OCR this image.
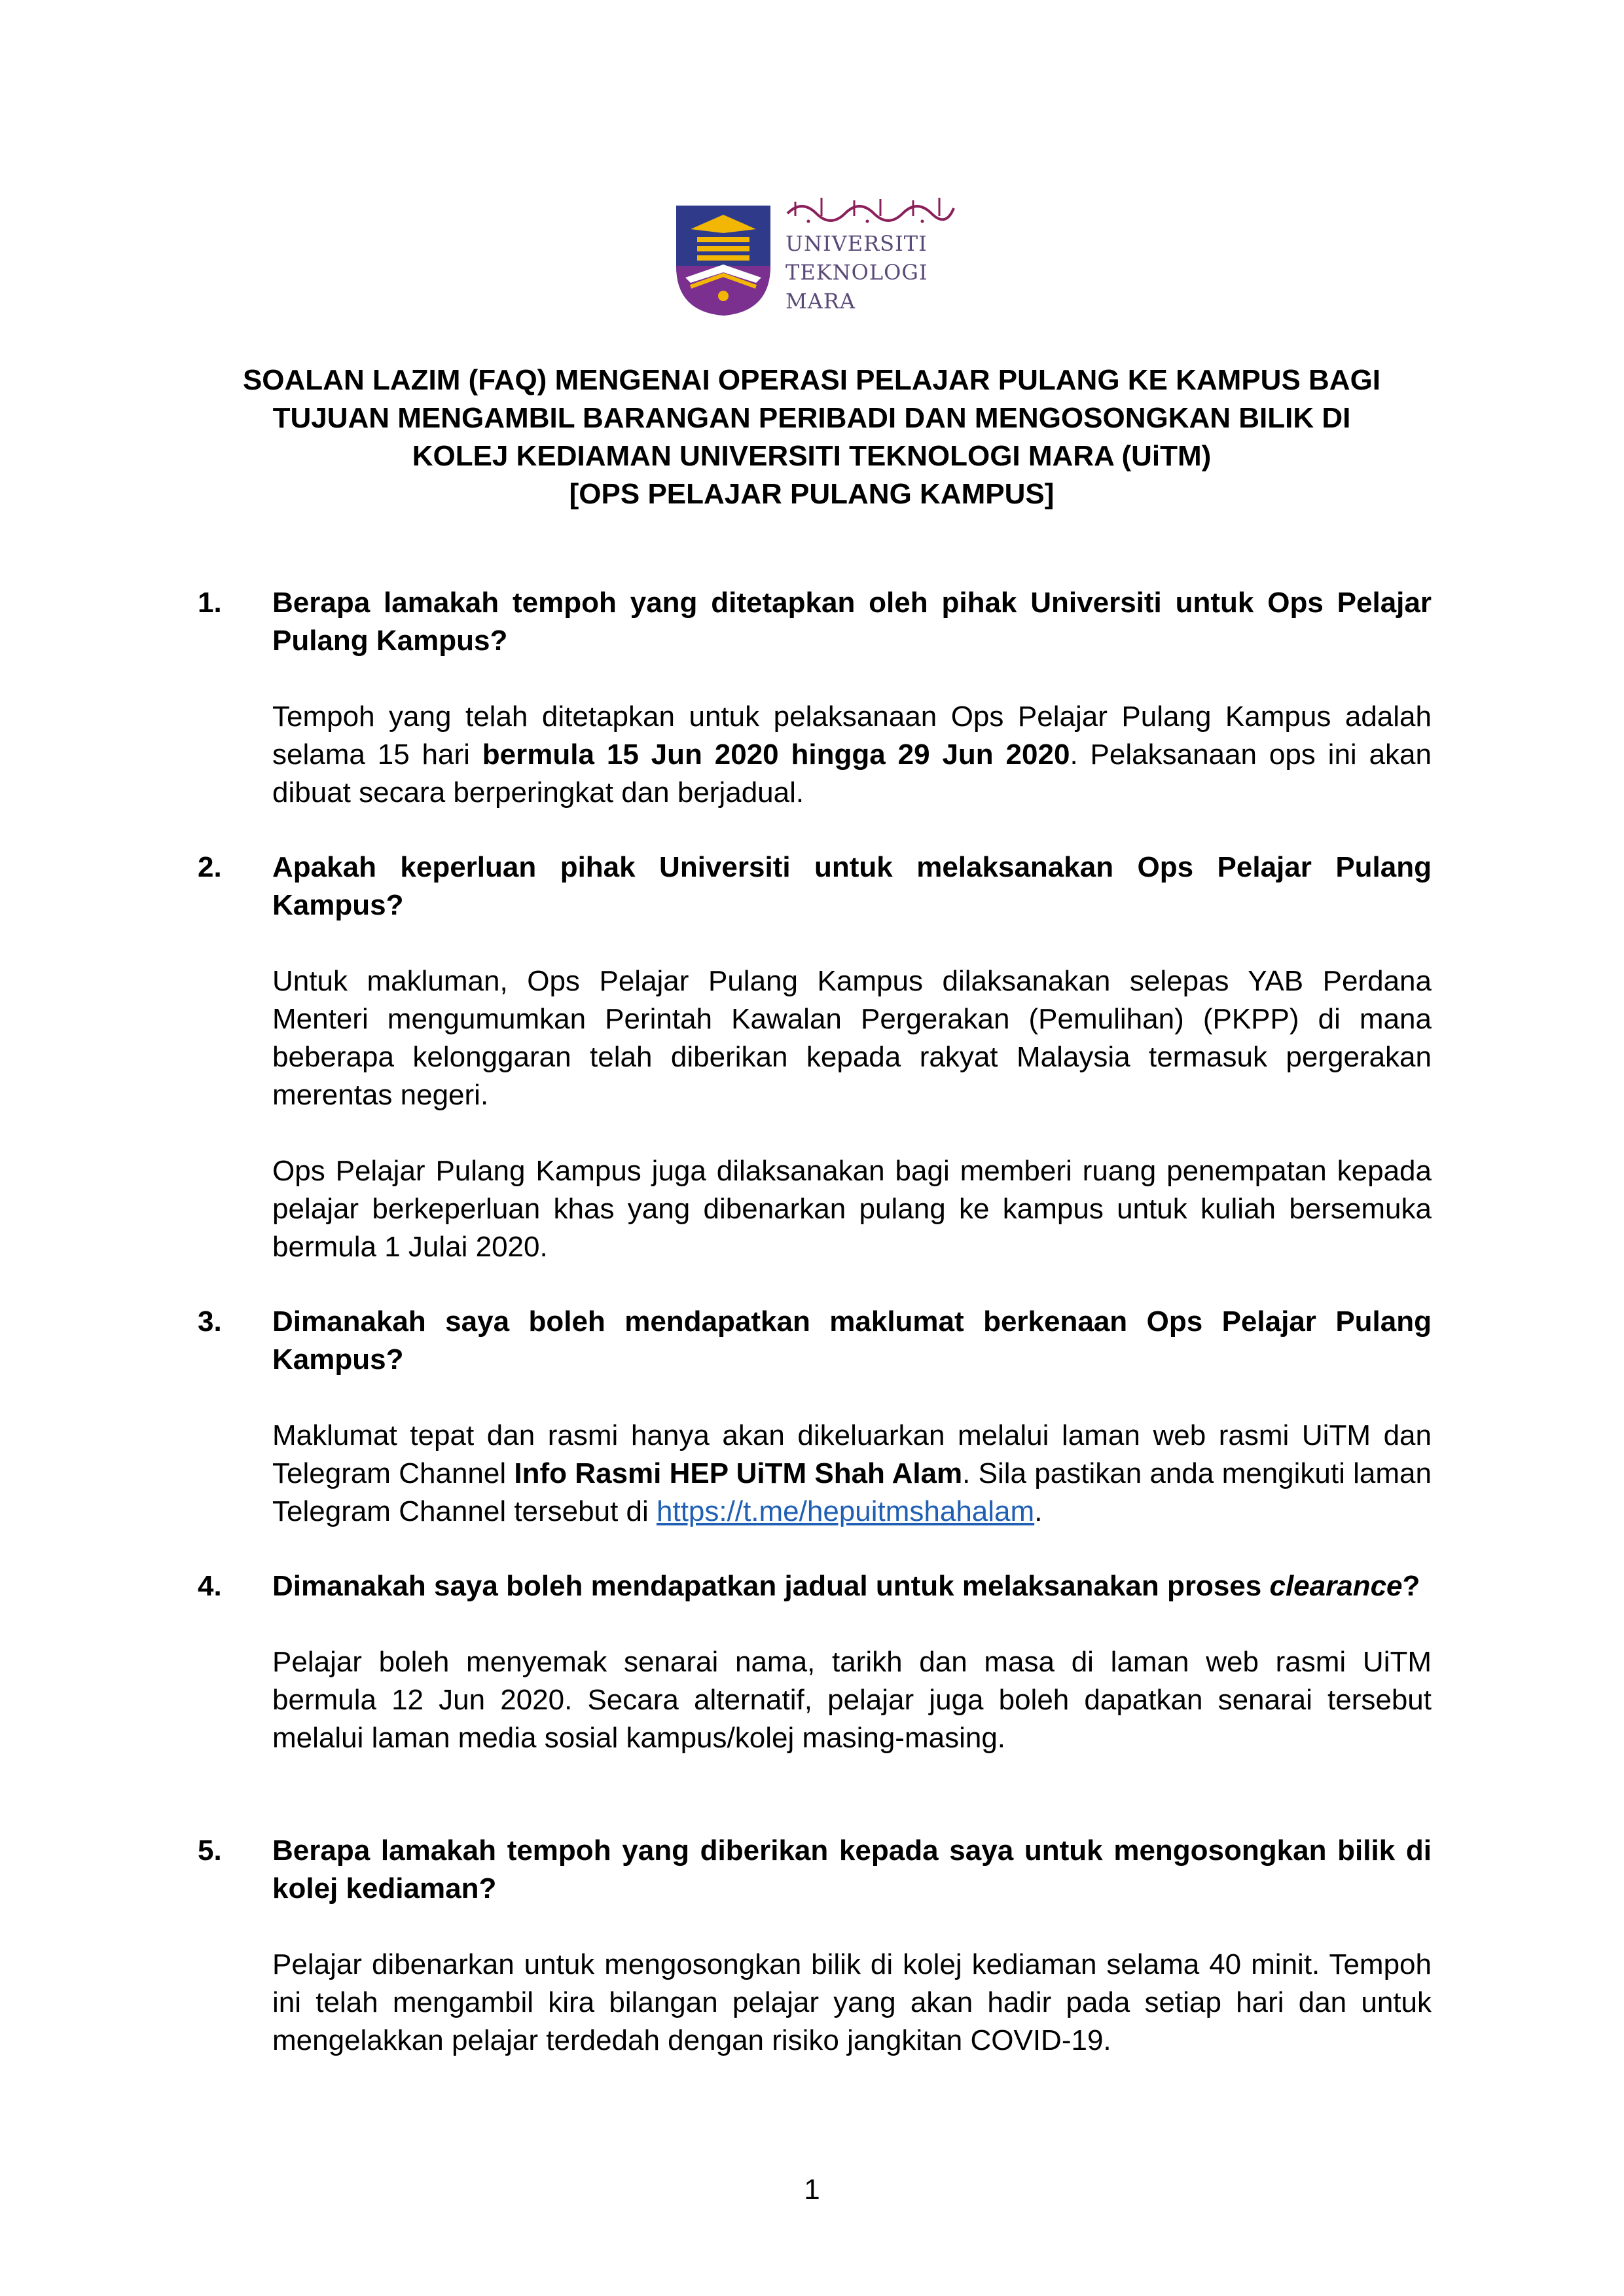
UNIVERSITI
TEKNOLOGI
MARA
SOALAN LAZIM (FAQ) MENGENAI OPERASI PELAJAR PULANG KE KAMPUS BAGI
TUJUAN MENGAMBIL BARANGAN PERIBADI DAN MENGOSONGKAN BILIK DI
KOLEJ KEDIAMAN UNIVERSITI TEKNOLOGI MARA (UiTM)
[OPS PELAJAR PULANG KAMPUS]
1. Berapa lamakah tempoh yang ditetapkan oleh pihak Universiti untuk Ops Pelajar Pulang Kampus?
Tempoh yang telah ditetapkan untuk pelaksanaan Ops Pelajar Pulang Kampus adalah selama 15 hari bermula 15 Jun 2020 hingga 29 Jun 2020. Pelaksanaan ops ini akan dibuat secara berperingkat dan berjadual.
2. Apakah keperluan pihak Universiti untuk melaksanakan Ops Pelajar Pulang Kampus?
Untuk makluman, Ops Pelajar Pulang Kampus dilaksanakan selepas YAB Perdana Menteri mengumumkan Perintah Kawalan Pergerakan (Pemulihan) (PKPP) di mana beberapa kelonggaran telah diberikan kepada rakyat Malaysia termasuk pergerakan merentas negeri.
Ops Pelajar Pulang Kampus juga dilaksanakan bagi memberi ruang penempatan kepada pelajar berkeperluan khas yang dibenarkan pulang ke kampus untuk kuliah bersemuka bermula 1 Julai 2020.
3. Dimanakah saya boleh mendapatkan maklumat berkenaan Ops Pelajar Pulang Kampus?
Maklumat tepat dan rasmi hanya akan dikeluarkan melalui laman web rasmi UiTM dan Telegram Channel Info Rasmi HEP UiTM Shah Alam. Sila pastikan anda mengikuti laman Telegram Channel tersebut di https://t.me/hepuitmshahalam.
4. Dimanakah saya boleh mendapatkan jadual untuk melaksanakan proses clearance?
Pelajar boleh menyemak senarai nama, tarikh dan masa di laman web rasmi UiTM bermula 12 Jun 2020. Secara alternatif, pelajar juga boleh dapatkan senarai tersebut melalui laman media sosial kampus/kolej masing-masing.
5. Berapa lamakah tempoh yang diberikan kepada saya untuk mengosongkan bilik di kolej kediaman?
Pelajar dibenarkan untuk mengosongkan bilik di kolej kediaman selama 40 minit. Tempoh ini telah mengambil kira bilangan pelajar yang akan hadir pada setiap hari dan untuk mengelakkan pelajar terdedah dengan risiko jangkitan COVID-19.
1
